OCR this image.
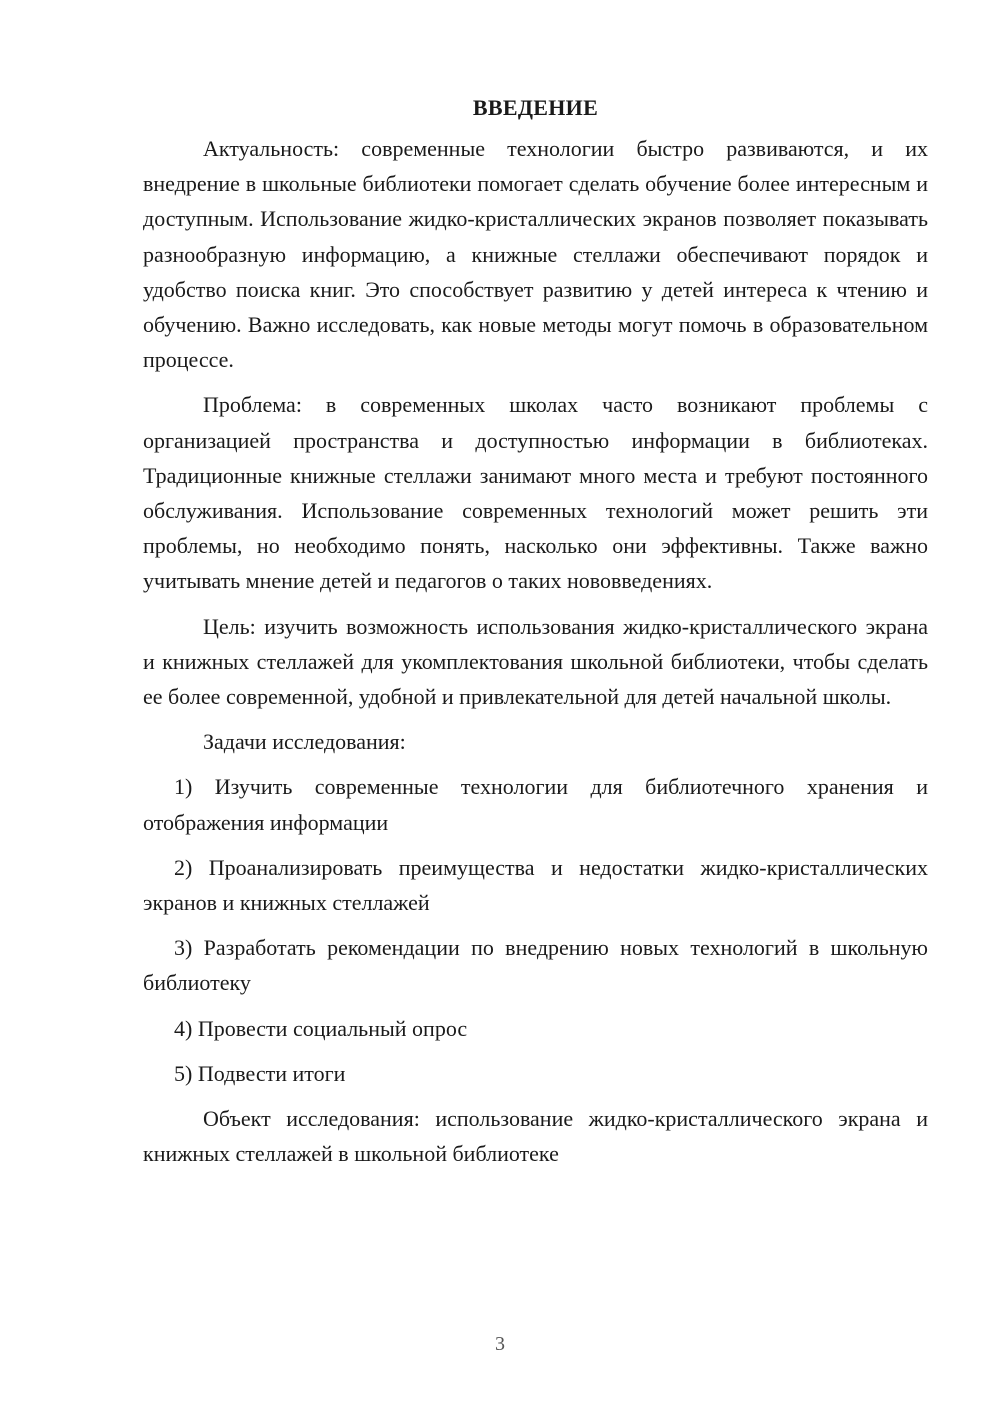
ВВЕДЕНИЕ

Актуальность: современные технологии быстро развиваются, и их внедрение в школьные библиотеки помогает сделать обучение более интересным и доступным. Использование жидко-кристаллических экранов позволяет показывать разнообразную информацию, а книжные стеллажи обеспечивают порядок и удобство поиска книг. Это способствует развитию у детей интереса к чтению и обучению. Важно исследовать, как новые методы могут помочь в образовательном процессе.

Проблема: в современных школах часто возникают проблемы с организацией пространства и доступностью информации в библиотеках. Традиционные книжные стеллажи занимают много места и требуют постоянного обслуживания. Использование современных технологий может решить эти проблемы, но необходимо понять, насколько они эффективны. Также важно учитывать мнение детей и педагогов о таких нововведениях.

Цель: изучить возможность использования жидко-кристаллического экрана и книжных стеллажей для укомплектования школьной библиотеки, чтобы сделать ее более современной, удобной и привлекательной для детей начальной школы.

Задачи исследования:

1) Изучить современные технологии для библиотечного хранения и отображения информации

2) Проанализировать преимущества и недостатки жидко-кристаллических экранов и книжных стеллажей

3) Разработать рекомендации по внедрению новых технологий в школьную библиотеку

4) Провести социальный опрос

5) Подвести итоги

Объект исследования: использование жидко-кристаллического экрана и книжных стеллажей в школьной библиотеке

3
